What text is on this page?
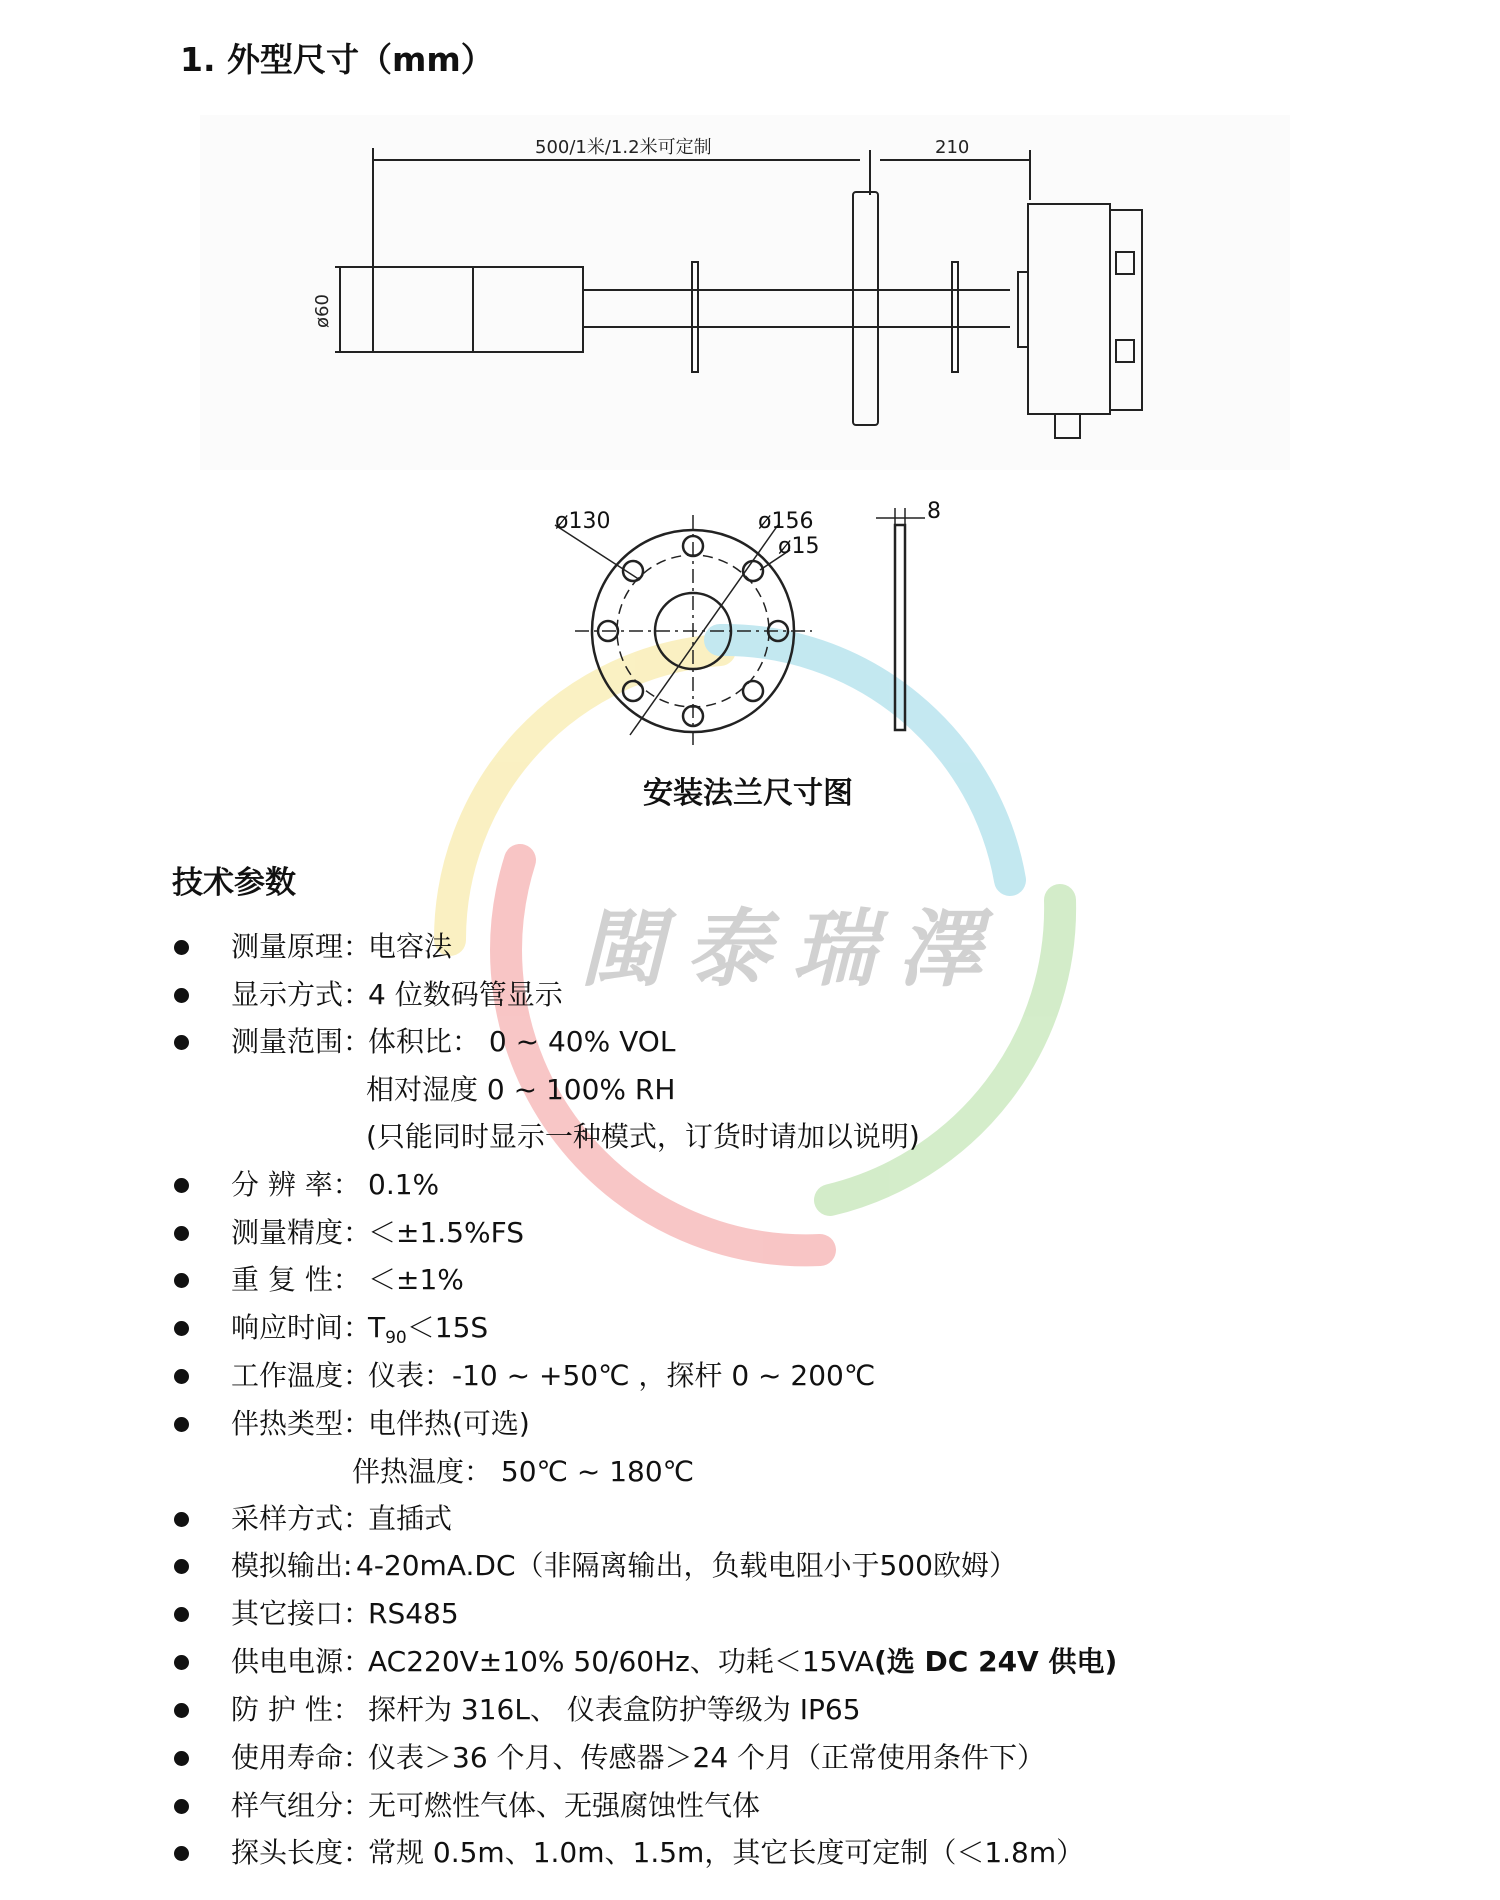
1. 外型尺寸（mm）
500/1米/1.2米可定制	210
ø60
ø130	ø156
ø15
8
安装法兰尺寸图
閩泰瑞澤
技术参数
测量原理：
电容法
显示方式：
4 位数码管显示
测量范围：
体积比： 0 ~ 40% VOL
相对湿度 0 ~ 100% RH
(只能同时显示一种模式，订货时请加以说明)
分 辨 率： 0.1%
测量精度：
＜±1.5%FS
重 复 性： ＜±1%
响应时间：
$T_{90}<15S$
工作温度：
仪表：-10 ~ +50℃ ，探杆 0 ~ 200℃
伴热类型：
电伴热(可选)
伴热温度： 50℃ ~ 180℃
采样方式：
直插式
模拟输出: 4-20mA.DC（非隔离输出，负载电阻小于500欧姆）
其它接口：
RS485
供电电源：
AC220V±10% 50/60Hz、功耗＜15VA(选 DC 24V 供电)
防 护 性： 探杆为 316L、 仪表盒防护等级为 IP65
使用寿命：
仪表＞36 个月、传感器＞24 个月（正常使用条件下）
样气组分：
无可燃性气体、无强腐蚀性气体
探头长度：
常规 0.5m、1.0m、1.5m，其它长度可定制（＜1.8m）
